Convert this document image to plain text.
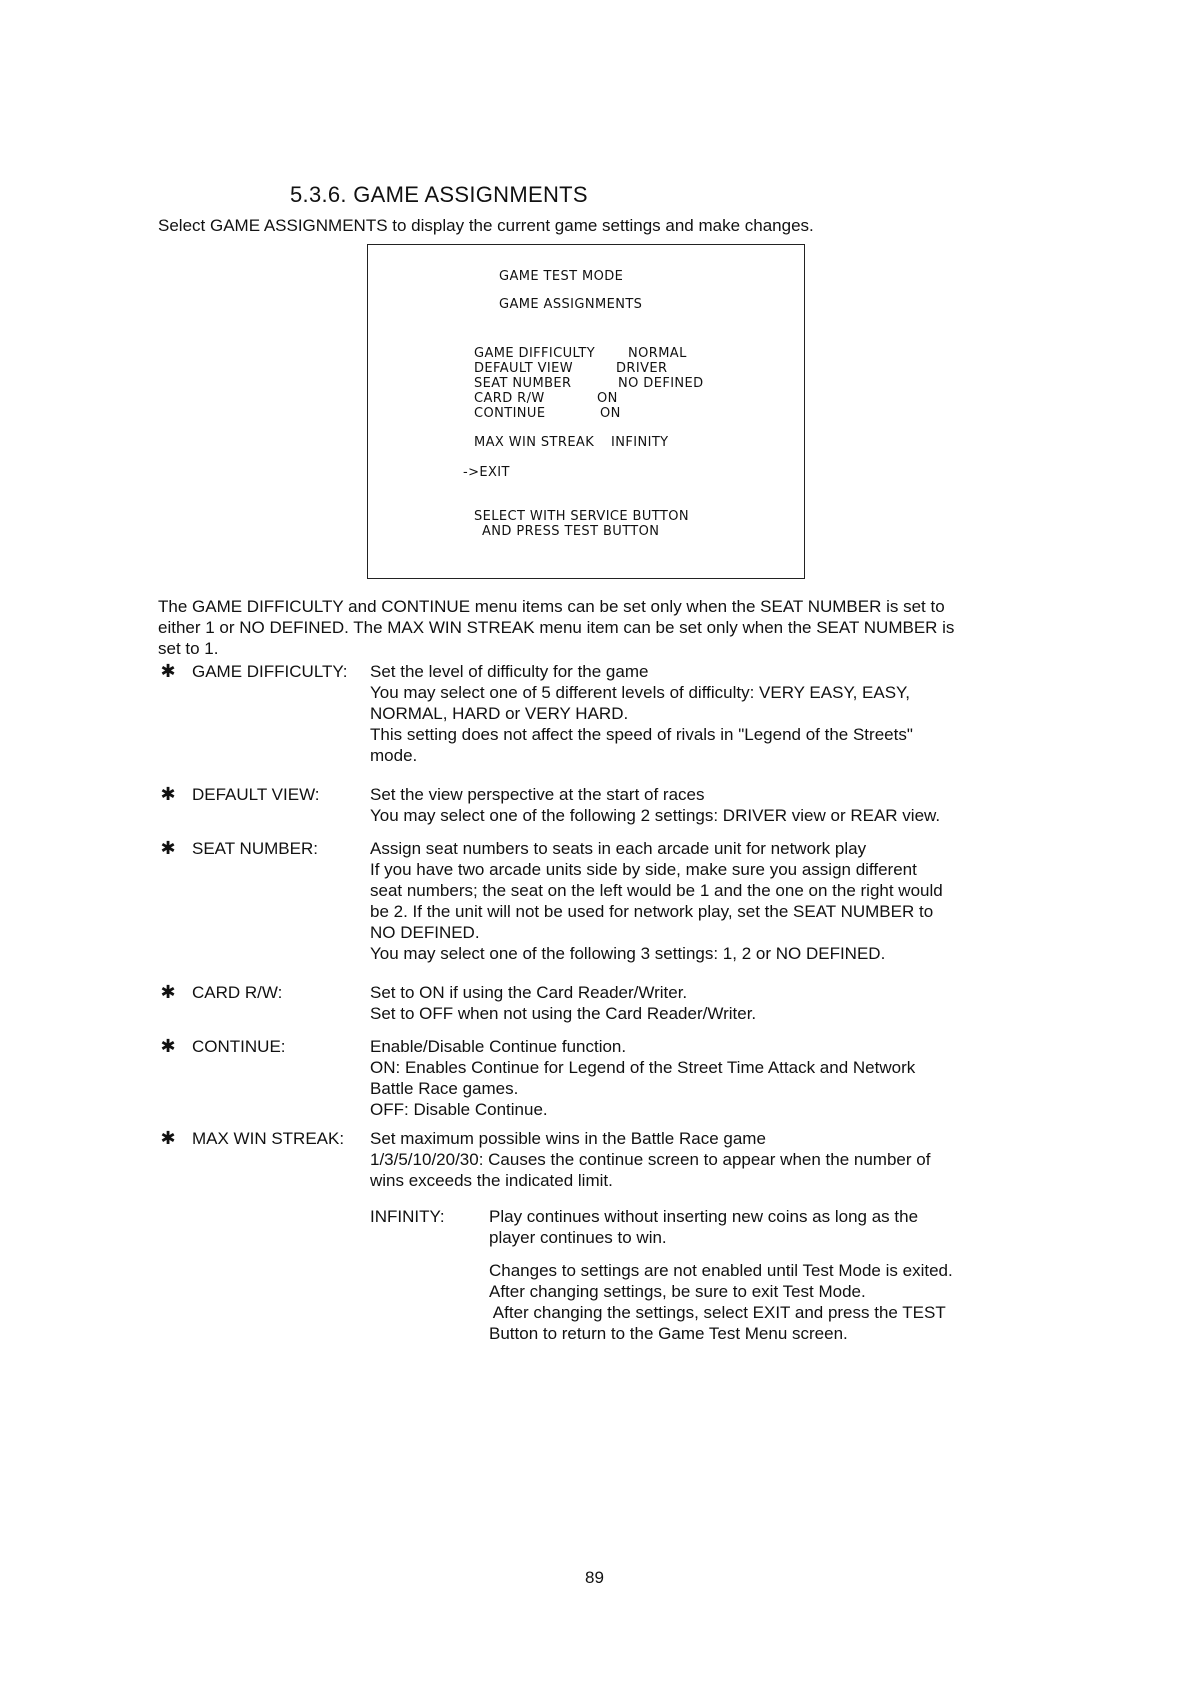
5.3.6. GAME ASSIGNMENTS
Select GAME ASSIGNMENTS to display the current game settings and make changes.
GAME TEST MODE
GAME ASSIGNMENTS
GAME DIFFICULTY	NORMAL
DEFAULT VIEW	DRIVER
SEAT NUMBER	NO DEFINED
CARD R/W	ON
CONTINUE	ON
MAX WIN STREAK INFINITY
->EXIT
SELECT WITH SERVICE BUTTON
AND PRESS TEST BUTTON
The GAME DIFFICULTY and CONTINUE menu items can be set only when the SEAT NUMBER is set to
either 1 or NO DEFINED. The MAX WIN STREAK menu item can be set only when the SEAT NUMBER is
set to 1.
✱ GAME DIFFICULTY: Set the level of difficulty for the game
You may select one of 5 different levels of difficulty: VERY EASY, EASY,
NORMAL, HARD or VERY HARD.
This setting does not affect the speed of rivals in "Legend of the Streets"
mode.
✱ DEFAULT VIEW:	Set the view perspective at the start of races
You may select one of the following 2 settings: DRIVER view or REAR view.
✱ SEAT NUMBER:	Assign seat numbers to seats in each arcade unit for network play
If you have two arcade units side by side, make sure you assign different
seat numbers; the seat on the left would be 1 and the one on the right would
be 2. If the unit will not be used for network play, set the SEAT NUMBER to
NO DEFINED.
You may select one of the following 3 settings: 1, 2 or NO DEFINED.
✱ CARD R/W:	Set to ON if using the Card Reader/Writer.
Set to OFF when not using the Card Reader/Writer.
✱ CONTINUE:	Enable/Disable Continue function.
ON: Enables Continue for Legend of the Street Time Attack and Network
Battle Race games.
OFF: Disable Continue.
✱ MAX WIN STREAK: Set maximum possible wins in the Battle Race game
1/3/5/10/20/30: Causes the continue screen to appear when the number of
wins exceeds the indicated limit.
INFINITY:	Play continues without inserting new coins as long as the
player continues to win.
Changes to settings are not enabled until Test Mode is exited.
After changing settings, be sure to exit Test Mode.
After changing the settings, select EXIT and press the TEST
Button to return to the Game Test Menu screen.
89
